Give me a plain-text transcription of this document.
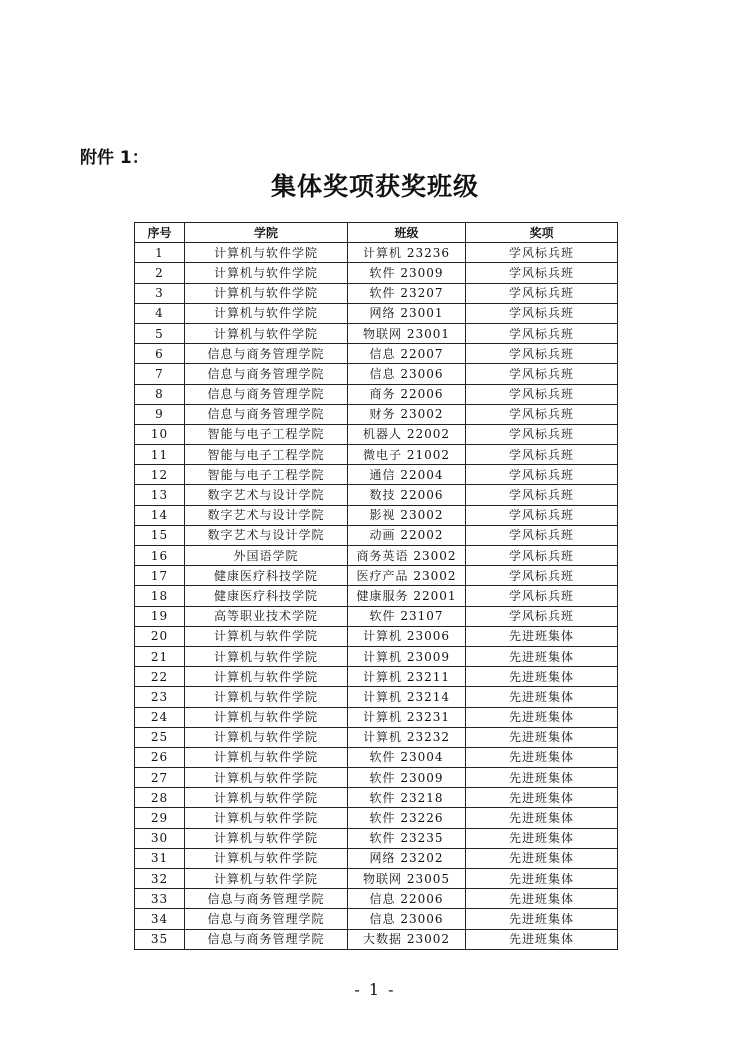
附件 1：

集体奖项获奖班级
序号	学院	班级	奖项
1	计算机与软件学院	计算机 23236	学风标兵班
2	计算机与软件学院	软件 23009	学风标兵班
3	计算机与软件学院	软件 23207	学风标兵班
4	计算机与软件学院	网络 23001	学风标兵班
5	计算机与软件学院	物联网 23001	学风标兵班
6	信息与商务管理学院	信息 22007	学风标兵班
7	信息与商务管理学院	信息 23006	学风标兵班
8	信息与商务管理学院	商务 22006	学风标兵班
9	信息与商务管理学院	财务 23002	学风标兵班
10	智能与电子工程学院	机器人 22002	学风标兵班
11	智能与电子工程学院	微电子 21002	学风标兵班
12	智能与电子工程学院	通信 22004	学风标兵班
13	数字艺术与设计学院	数技 22006	学风标兵班
14	数字艺术与设计学院	影视 23002	学风标兵班
15	数字艺术与设计学院	动画 22002	学风标兵班
16	外国语学院	商务英语 23002	学风标兵班
17	健康医疗科技学院	医疗产品 23002	学风标兵班
18	健康医疗科技学院	健康服务 22001	学风标兵班
19	高等职业技术学院	软件 23107	学风标兵班
20	计算机与软件学院	计算机 23006	先进班集体
21	计算机与软件学院	计算机 23009	先进班集体
22	计算机与软件学院	计算机 23211	先进班集体
23	计算机与软件学院	计算机 23214	先进班集体
24	计算机与软件学院	计算机 23231	先进班集体
25	计算机与软件学院	计算机 23232	先进班集体
26	计算机与软件学院	软件 23004	先进班集体
27	计算机与软件学院	软件 23009	先进班集体
28	计算机与软件学院	软件 23218	先进班集体
29	计算机与软件学院	软件 23226	先进班集体
30	计算机与软件学院	软件 23235	先进班集体
31	计算机与软件学院	网络 23202	先进班集体
32	计算机与软件学院	物联网 23005	先进班集体
33	信息与商务管理学院	信息 22006	先进班集体
34	信息与商务管理学院	信息 23006	先进班集体
35	信息与商务管理学院	大数据 23002	先进班集体

- 1 -
